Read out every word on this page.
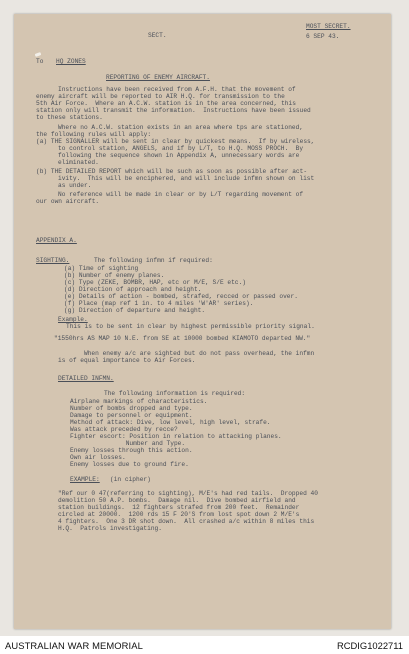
SECT.
MOST SECRET.
6 SEP 43.
To HQ ZONES
REPORTING OF ENEMY AIRCRAFT.
Instructions have been received from A.F.H. that the movement of
enemy aircraft will be reported to AIR H.Q. for transmission to the
5th Air Force.  Where an A.C.W. station is in the area concerned, this
station only will transmit the information.  Instructions have been issued
to these stations.
Where no A.C.W. station exists in an area where tps are stationed,
the following rules will apply:
(a) THE SIGNALLER will be sent in clear by quickest means.  If by wireless,
to control station, ANGELS, and if by L/T, to H.Q. MOSS PROCH.  By
following the sequence shown in Appendix A, unnecessary words are
eliminated.
(b) THE DETAILED REPORT which will be such as soon as possible after act-
ivity.  This will be enciphered, and will include infmn shown on list
as under.
No reference will be made in clear or by L/T regarding movement of
our own aircraft.
APPENDIX A.
SIGHTING.	The following infmn if required:
(a) Time of sighting
(b) Number of enemy planes.
(c) Type (ZEKE, BOMBR, HAP, etc or M/E, S/E etc.)
(d) Direction of approach and height.
(e) Details of action - bombed, strafed, recced or passed over.
(f) Place (map ref 1 in. to 4 miles 'W'AR' series).
(g) Direction of departure and height.
Example.
This is to be sent in clear by highest permissible priority signal.
"1550hrs AS MAP 10 N.E. from SE at 10000 bombed KIAMOTO departed NW."
When enemy a/c are sighted but do not pass overhead, the infmn
is of equal importance to Air Forces.
DETAILED INFMN.
The following information is required:
Airplane markings of characteristics.
Number of bombs dropped and type.
Damage to personnel or equipment.
Method of attack: Dive, low level, high level, strafe.
Was attack preceded by recce?
Fighter escort: Position in relation to attacking planes.
Number and Type.
Enemy losses through this action.
Own air losses.
Enemy losses due to ground fire.
EXAMPLE: (in cipher)
"Ref our 0 47(referring to sighting), M/E's had red tails.  Dropped 40
demolition 50 A.P. bombs.  Damage nil.  Dive bombed airfield and
station buildings.  12 fighters strafed from 200 feet.  Remainder
circled at 20000.  1200 rds 15 F 20'S from lost spot down 2 M/E's
4 fighters.  One 3 DR shot down.  All crashed a/c within 8 miles this
H.Q.  Patrols investigating.
AUSTRALIAN WAR MEMORIAL	RCDIG1022711
